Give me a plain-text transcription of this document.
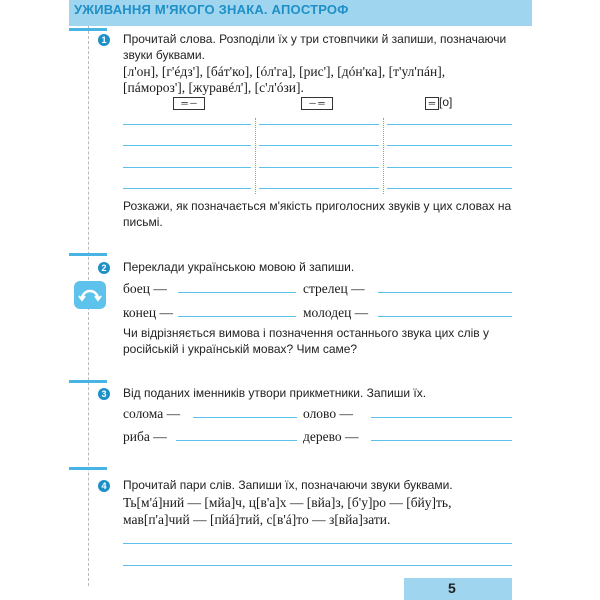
УЖИВАННЯ М'ЯКОГО ЗНАКА. АПОСТРОФ
1 Прочитай слова. Розподіли їх у три стовпчики й запиши, позначаючи звуки буквами.
[л'он], [г'éдз'], [бáт'ко], [óл'га], [рис'], [дóн'ка], [т'ул'пáн],
[пáмороз'], [журавéл'], [с'л'óзи].
═ ─	─ ═	═ [о]
Розкажи, як позначається м'якість приголосних звуків у цих словах на письмі.
2 Переклади українською мовою й запиши.
боец —	стрелец —
конец —	молодец —
Чи відрізняється вимова і позначення останнього звука цих слів у російській і українській мовах? Чим саме?
3 Від поданих іменників утвори прикметники. Запиши їх.
солома —	олово —
риба —	дерево —
4 Прочитай пари слів. Запиши їх, позначаючи звуки буквами.
Ть[м'á]ний — [мйа]ч, ц[в'а]х — [вйа]з, [б'у]ро — [бйу]ть,
мав[п'а]чий — [пйá]тий, с[в'á]то — з[вйа]зати.
5
